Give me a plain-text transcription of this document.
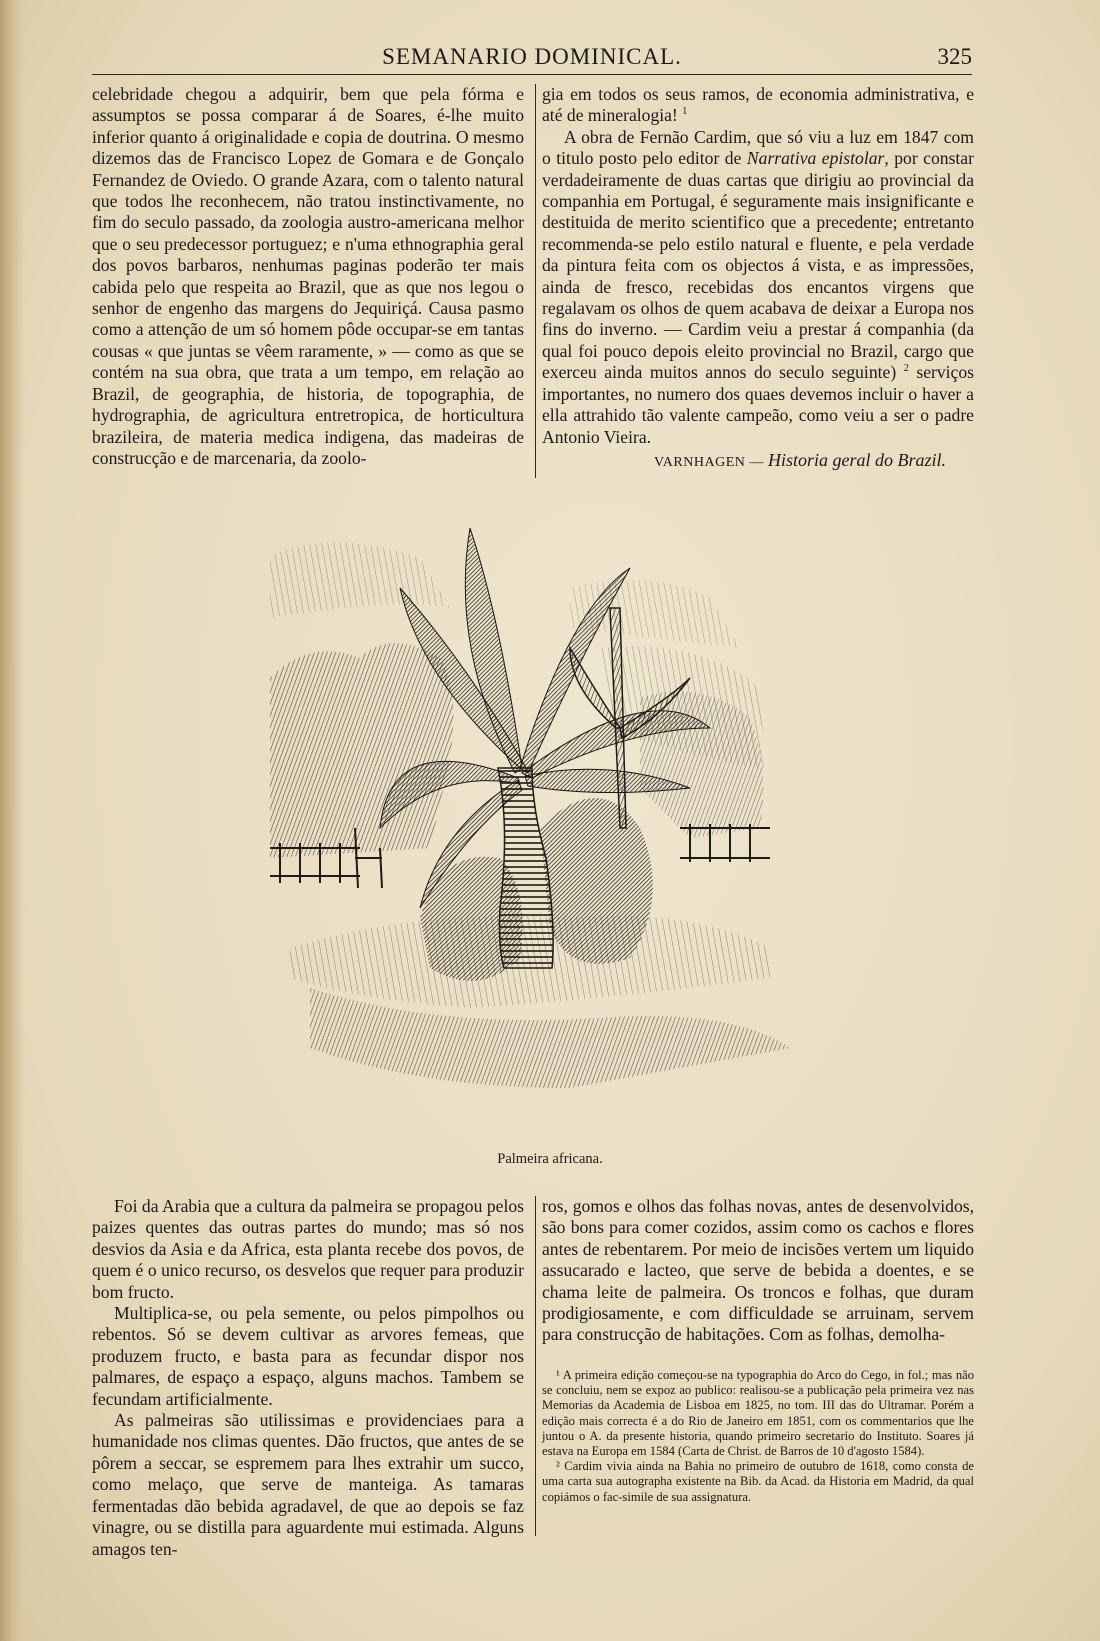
SEMANARIO DOMINICAL.	325

celebridade chegou a adquirir, bem que pela fórma e assumptos se possa comparar á de Soares, é-lhe muito inferior quanto á originalidade e copia de doutrina. O mesmo dizemos das de Francisco Lopez de Gomara e de Gonçalo Fernandez de Oviedo. O grande Azara, com o talento natural que todos lhe reconhecem, não tratou instinctivamente, no fim do seculo passado, da zoologia austro-americana melhor que o seu predecessor portuguez; e n'uma ethnographia geral dos povos barbaros, nenhumas paginas poderão ter mais cabida pelo que respeita ao Brazil, que as que nos legou o senhor de engenho das margens do Jequiriçá. Causa pasmo como a attenção de um só homem pôde occupar-se em tantas cousas « que juntas se vêem raramente, » — como as que se contém na sua obra, que trata a um tempo, em relação ao Brazil, de geographia, de historia, de topographia, de hydrographia, de agricultura entretropica, de horticultura brazileira, de materia medica indigena, das madeiras de construcção e de marcenaria, da zoolo-

gia em todos os seus ramos, de economia administrativa, e até de mineralogia! $^1$

A obra de Fernão Cardim, que só viu a luz em 1847 com o titulo posto pelo editor de Narrativa epistolar, por constar verdadeiramente de duas cartas que dirigiu ao provincial da companhia em Portugal, é seguramente mais insignificante e destituida de merito scientifico que a precedente; entretanto recommenda-se pelo estilo natural e fluente, e pela verdade da pintura feita com os objectos á vista, e as impressões, ainda de fresco, recebidas dos encantos virgens que regalavam os olhos de quem acabava de deixar a Europa nos fins do inverno. — Cardim veiu a prestar á companhia (da qual foi pouco depois eleito provincial no Brazil, cargo que exerceu ainda muitos annos do seculo seguinte) $^2$ serviços importantes, no numero dos quaes devemos incluir o haver a ella attrahido tão valente campeão, como veiu a ser o padre Antonio Vieira.

VARNHAGEN — Historia geral do Brazil.
Palmeira africana.

Foi da Arabia que a cultura da palmeira se propagou pelos paizes quentes das outras partes do mundo; mas só nos desvios da Asia e da Africa, esta planta recebe dos povos, de quem é o unico recurso, os desvelos que requer para produzir bom fructo.

Multiplica-se, ou pela semente, ou pelos pimpolhos ou rebentos. Só se devem cultivar as arvores femeas, que produzem fructo, e basta para as fecundar dispor nos palmares, de espaço a espaço, alguns machos. Tambem se fecundam artificialmente.

As palmeiras são utilissimas e providenciaes para a humanidade nos climas quentes. Dão fructos, que antes de se pôrem a seccar, se espremem para lhes extrahir um succo, como melaço, que serve de manteiga. As tamaras fermentadas dão bebida agradavel, de que ao depois se faz vinagre, ou se distilla para aguardente mui estimada. Alguns amagos ten-

ros, gomos e olhos das folhas novas, antes de desenvolvidos, são bons para comer cozidos, assim como os cachos e flores antes de rebentarem. Por meio de incisões vertem um liquido assucarado e lacteo, que serve de bebida a doentes, e se chama leite de palmeira. Os troncos e folhas, que duram prodigiosamente, e com difficuldade se arruinam, servem para construcção de habitações. Com as folhas, demolha-

¹ A primeira edição começou-se na typographia do Arco do Cego, in fol.; mas não se concluiu, nem se expoz ao publico: realisou-se a publicação pela primeira vez nas Memorias da Academia de Lisboa em 1825, no tom. III das do Ultramar. Porém a edição mais correcta é a do Rio de Janeiro em 1851, com os commentarios que lhe juntou o A. da presente historia, quando primeiro secretario do Instituto. Soares já estava na Europa em 1584 (Carta de Christ. de Barros de 10 d'agosto 1584).

² Cardim vivia ainda na Bahia no primeiro de outubro de 1618, como consta de uma carta sua autographa existente na Bib. da Acad. da Historia em Madrid, da qual copiámos o fac-simile de sua assignatura.
